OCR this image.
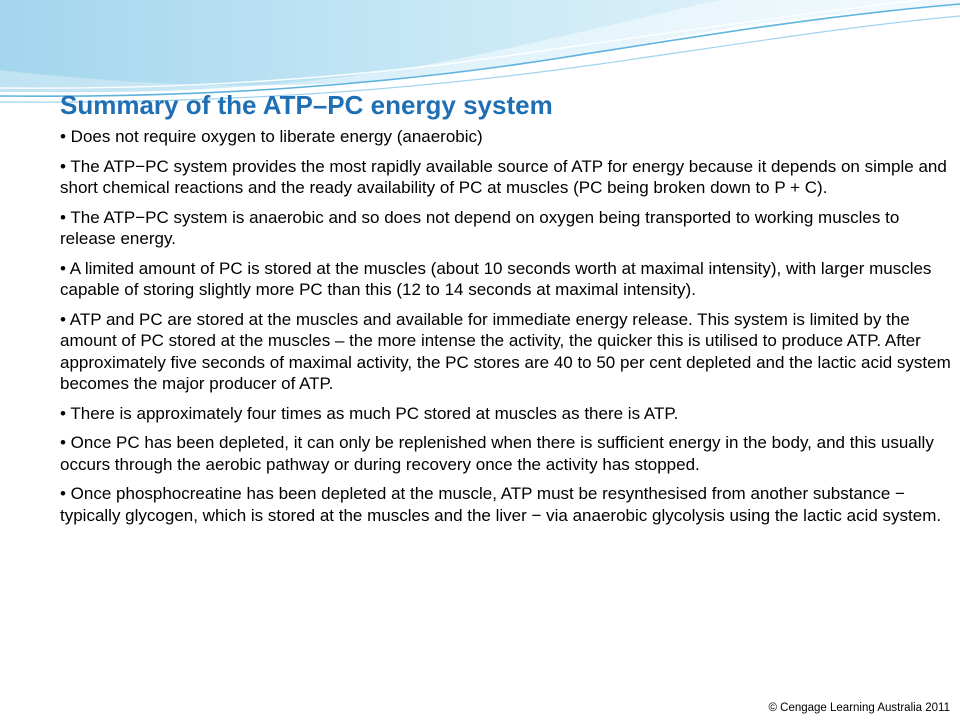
Summary of the ATP–PC energy system
• Does not require oxygen to liberate energy (anaerobic)
• The ATP−PC system provides the most rapidly available source of ATP for energy because it depends on simple and short chemical reactions and the ready availability of PC at muscles (PC being broken down to P + C).
• The ATP−PC system is anaerobic and so does not depend on oxygen being transported to working muscles to release energy.
• A limited amount of PC is stored at the muscles (about 10 seconds worth at maximal intensity), with larger muscles capable of storing slightly more PC than this (12 to 14 seconds at maximal intensity).
• ATP and PC are stored at the muscles and available for immediate energy release. This system is limited by the amount of PC stored at the muscles – the more intense the activity, the quicker this is utilised to produce ATP. After approximately five seconds of maximal activity, the PC stores are 40 to 50 per cent depleted and the lactic acid system becomes the major producer of ATP.
• There is approximately four times as much PC stored at muscles as there is ATP.
• Once PC has been depleted, it can only be replenished when there is sufficient energy in the body, and this usually occurs through the aerobic pathway or during recovery once the activity has stopped.
• Once phosphocreatine has been depleted at the muscle, ATP must be resynthesised from another substance − typically glycogen, which is stored at the muscles and the liver − via anaerobic glycolysis using the lactic acid system.
© Cengage Learning Australia 2011
